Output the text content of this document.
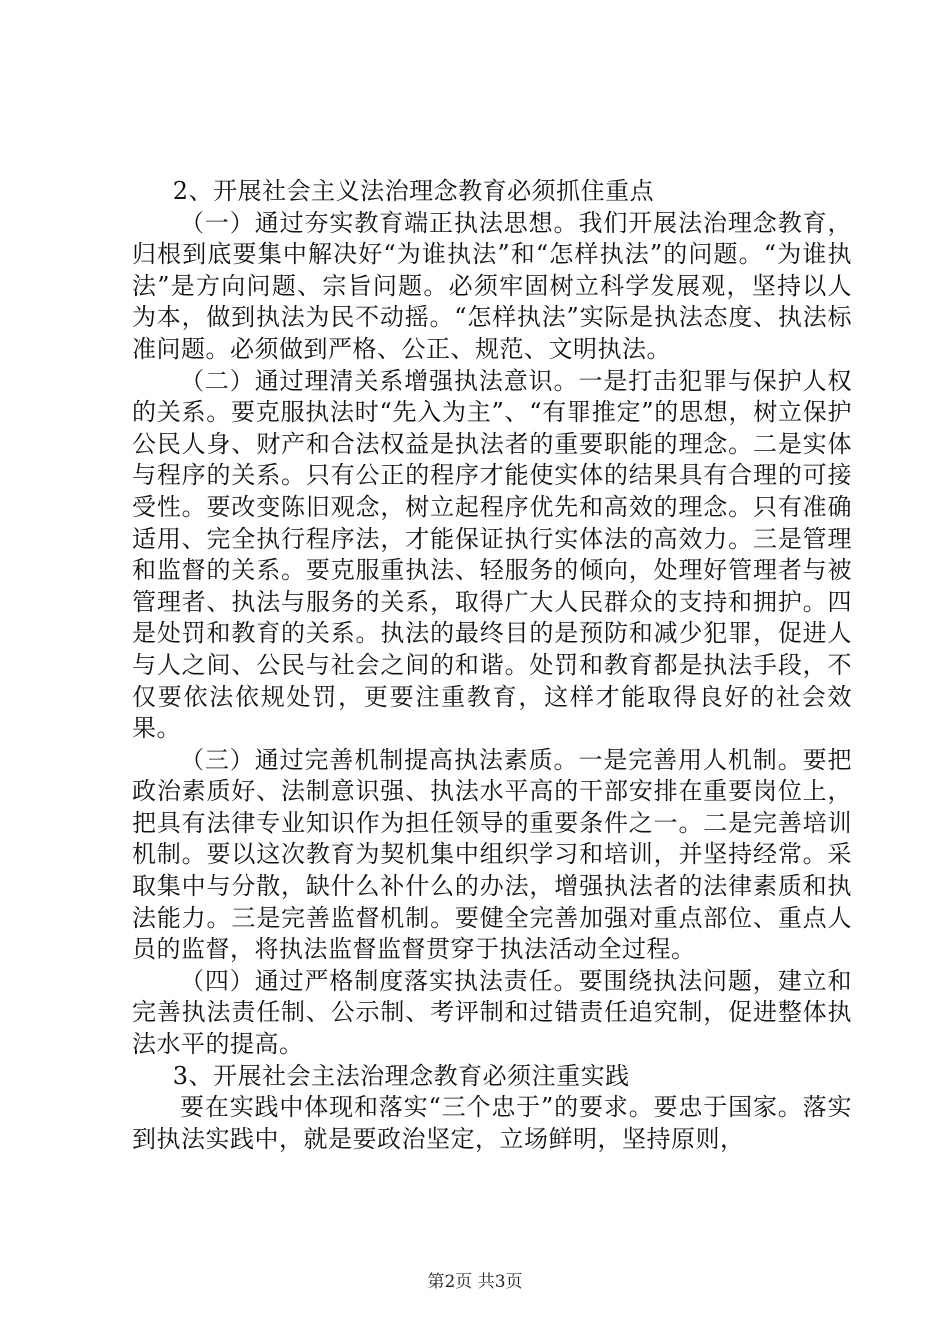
2、开展社会主义法治理念教育必须抓住重点

（一）通过夯实教育端正执法思想。我们开展法治理念教育，归根到底要集中解决好“为谁执法”和“怎样执法”的问题。“为谁执法”是方向问题、宗旨问题。必须牢固树立科学发展观，坚持以人为本，做到执法为民不动摇。“怎样执法”实际是执法态度、执法标准问题。必须做到严格、公正、规范、文明执法。

（二）通过理清关系增强执法意识。一是打击犯罪与保护人权的关系。要克服执法时“先入为主”、“有罪推定”的思想，树立保护公民人身、财产和合法权益是执法者的重要职能的理念。二是实体与程序的关系。只有公正的程序才能使实体的结果具有合理的可接受性。要改变陈旧观念，树立起程序优先和高效的理念。只有准确适用、完全执行程序法，才能保证执行实体法的高效力。三是管理和监督的关系。要克服重执法、轻服务的倾向，处理好管理者与被管理者、执法与服务的关系，取得广大人民群众的支持和拥护。四是处罚和教育的关系。执法的最终目的是预防和减少犯罪，促进人与人之间、公民与社会之间的和谐。处罚和教育都是执法手段，不仅要依法依规处罚，更要注重教育，这样才能取得良好的社会效果。

（三）通过完善机制提高执法素质。一是完善用人机制。要把政治素质好、法制意识强、执法水平高的干部安排在重要岗位上，把具有法律专业知识作为担任领导的重要条件之一。二是完善培训机制。要以这次教育为契机集中组织学习和培训，并坚持经常。采取集中与分散，缺什么补什么的办法，增强执法者的法律素质和执法能力。三是完善监督机制。要健全完善加强对重点部位、重点人员的监督，将执法监督监督贯穿于执法活动全过程。

（四）通过严格制度落实执法责任。要围绕执法问题，建立和完善执法责任制、公示制、考评制和过错责任追究制，促进整体执法水平的提高。

3、开展社会主法治理念教育必须注重实践

要在实践中体现和落实“三个忠于”的要求。要忠于国家。落实到执法实践中，就是要政治坚定，立场鲜明，坚持原则，

第2页 共3页
